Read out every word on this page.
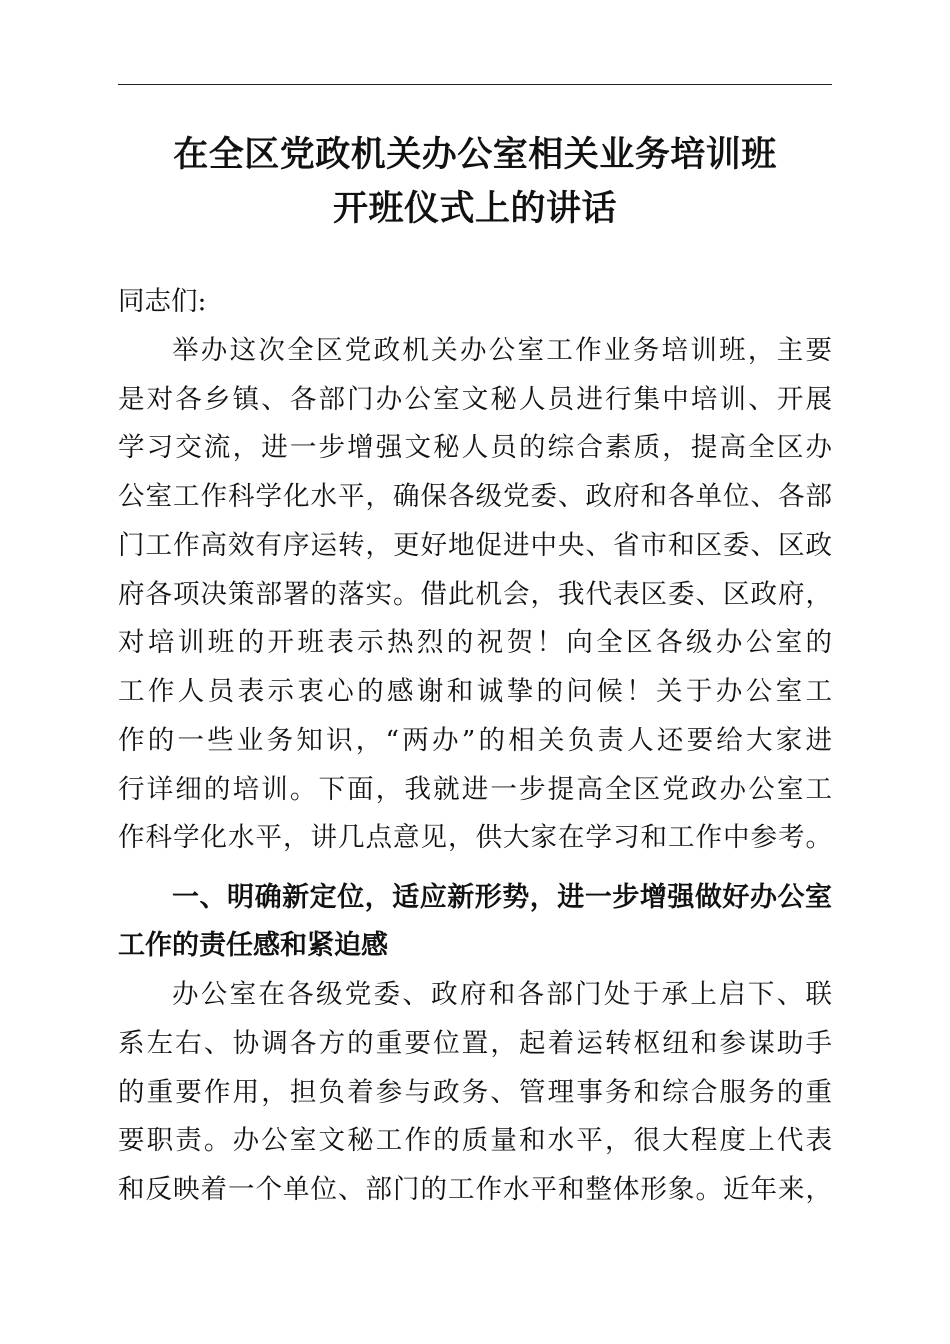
在全区党政机关办公室相关业务培训班
开班仪式上的讲话
同志们:
举办这次全区党政机关办公室工作业务培训班，主要
是对各乡镇、各部门办公室文秘人员进行集中培训、开展
学习交流，进一步增强文秘人员的综合素质，提高全区办
公室工作科学化水平，确保各级党委、政府和各单位、各部
门工作高效有序运转，更好地促进中央、省市和区委、区政
府各项决策部署的落实。借此机会，我代表区委、区政府，
对培训班的开班表示热烈的祝贺！向全区各级办公室的
工作人员表示衷心的感谢和诚挚的问候！关于办公室工
作的一些业务知识，“两办”的相关负责人还要给大家进
行详细的培训。下面，我就进一步提高全区党政办公室工
作科学化水平，讲几点意见，供大家在学习和工作中参考。
一、明确新定位，适应新形势，进一步增强做好办公室
工作的责任感和紧迫感
办公室在各级党委、政府和各部门处于承上启下、联
系左右、协调各方的重要位置，起着运转枢纽和参谋助手
的重要作用，担负着参与政务、管理事务和综合服务的重
要职责。办公室文秘工作的质量和水平，很大程度上代表
和反映着一个单位、部门的工作水平和整体形象。近年来，
